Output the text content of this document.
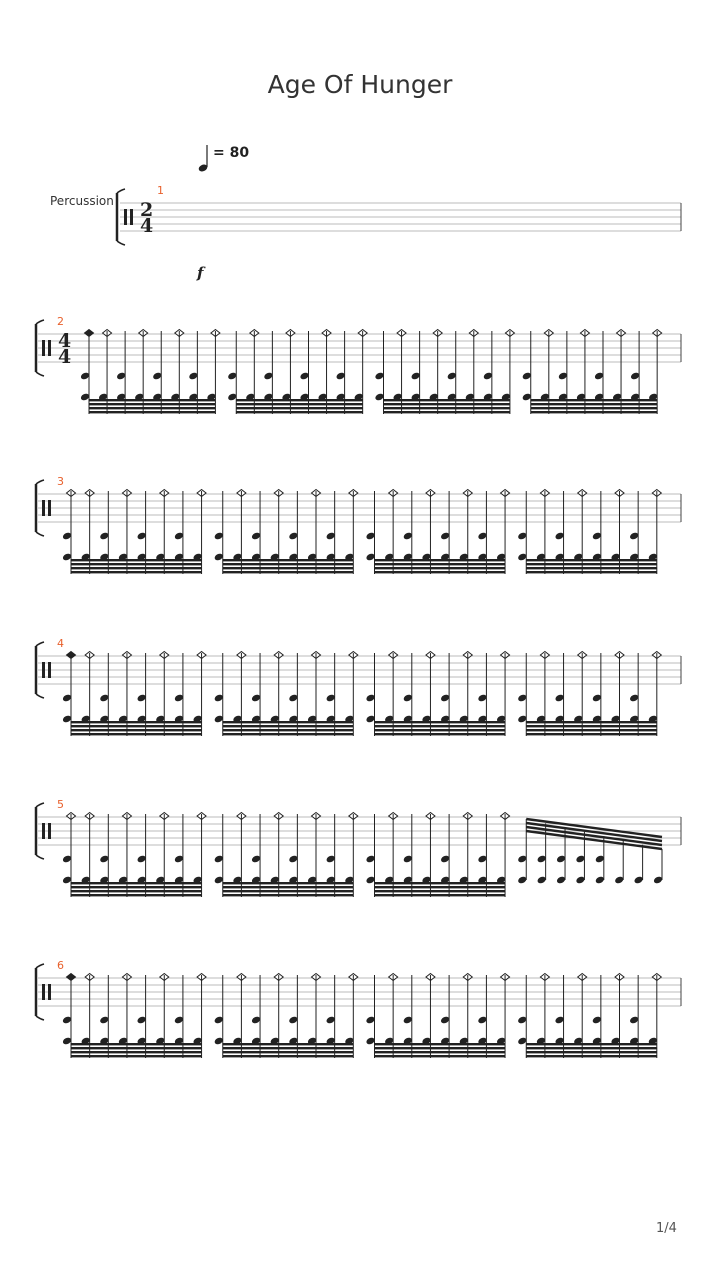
Age Of Hunger
= 80
Percussion
1/4
f
1
2
4
2
4
4
3
4
5
6
